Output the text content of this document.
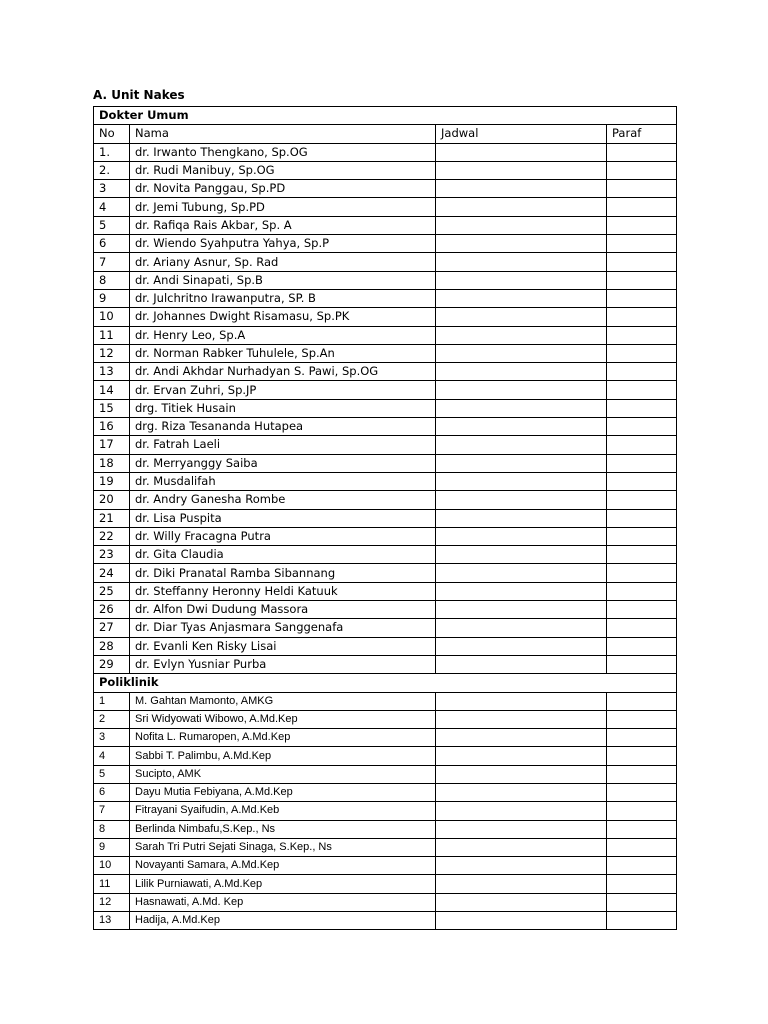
A. Unit Nakes
Dokter Umum			
No	Nama	Jadwal	Paraf
1.	dr. Irwanto Thengkano, Sp.OG		
2.	dr. Rudi Manibuy, Sp.OG		
3	dr. Novita Panggau, Sp.PD		
4	dr. Jemi Tubung, Sp.PD		
5	dr. Rafiqa Rais Akbar, Sp. A		
6	dr. Wiendo Syahputra Yahya, Sp.P		
7	dr. Ariany Asnur, Sp. Rad		
8	dr. Andi Sinapati, Sp.B		
9	dr. Julchritno Irawanputra, SP. B		
10	dr. Johannes Dwight Risamasu, Sp.PK		
11	dr. Henry Leo, Sp.A		
12	dr. Norman Rabker Tuhulele, Sp.An		
13	dr. Andi Akhdar Nurhadyan S. Pawi, Sp.OG		
14	dr. Ervan Zuhri, Sp.JP		
15	drg. Titiek Husain		
16	drg. Riza Tesananda Hutapea		
17	dr. Fatrah Laeli		
18	dr. Merryanggy Saiba		
19	dr. Musdalifah		
20	dr. Andry Ganesha Rombe		
21	dr. Lisa Puspita		
22	dr. Willy Fracagna Putra		
23	dr. Gita Claudia		
24	dr. Diki Pranatal Ramba Sibannang		
25	dr. Steffanny Heronny Heldi Katuuk		
26	dr. Alfon Dwi Dudung Massora		
27	dr. Diar Tyas Anjasmara Sanggenafa		
28	dr. Evanli Ken Risky Lisai		
29	dr. Evlyn Yusniar Purba		
Poliklinik			
1	M. Gahtan Mamonto, AMKG		
2	Sri Widyowati Wibowo, A.Md.Kep		
3	Nofita L. Rumaropen, A.Md.Kep		
4	Sabbi T. Palimbu, A.Md.Kep		
5	Sucipto, AMK		
6	Dayu Mutia Febiyana, A.Md.Kep		
7	Fitrayani Syaifudin, A.Md.Keb		
8	Berlinda Nimbafu,S.Kep., Ns		
9	Sarah Tri Putri Sejati Sinaga, S.Kep., Ns		
10	Novayanti Samara, A.Md.Kep		
11	Lilik Purniawati, A.Md.Kep		
12	Hasnawati, A.Md. Kep		
13	Hadija, A.Md.Kep		
